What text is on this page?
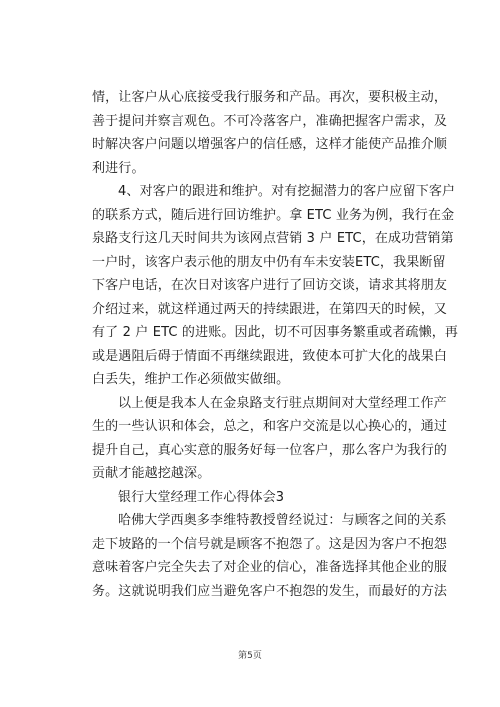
情，让客户从心底接受我行服务和产品。再次，要积极主动，
善于提问并察言观色。不可冷落客户，准确把握客户需求，及
时解决客户问题以增强客户的信任感，这样才能使产品推介顺
利进行。
4、对客户的跟进和维护。对有挖掘潜力的客户应留下客户
的联系方式，随后进行回访维护。拿 ETC 业务为例，我行在金
泉路支行这几天时间共为该网点营销 3 户 ETC，在成功营销第
一户时，该客户表示他的朋友中仍有车未安装ETC，我果断留
下客户电话，在次日对该客户进行了回访交谈，请求其将朋友
介绍过来，就这样通过两天的持续跟进，在第四天的时候，又
有了 2 户 ETC 的进账。因此，切不可因事务繁重或者疏懒，再
或是遇阻后碍于情面不再继续跟进，致使本可扩大化的战果白
白丢失，维护工作必须做实做细。
以上便是我本人在金泉路支行驻点期间对大堂经理工作产
生的一些认识和体会，总之，和客户交流是以心换心的，通过
提升自己，真心实意的服务好每一位客户，那么客户为我行的
贡献才能越挖越深。
银行大堂经理工作心得体会3
哈佛大学西奥多李维特教授曾经说过：与顾客之间的关系
走下坡路的一个信号就是顾客不抱怨了。这是因为客户不抱怨
意味着客户完全失去了对企业的信心，准备选择其他企业的服
务。这就说明我们应当避免客户不抱怨的发生，而最好的方法
第5页
